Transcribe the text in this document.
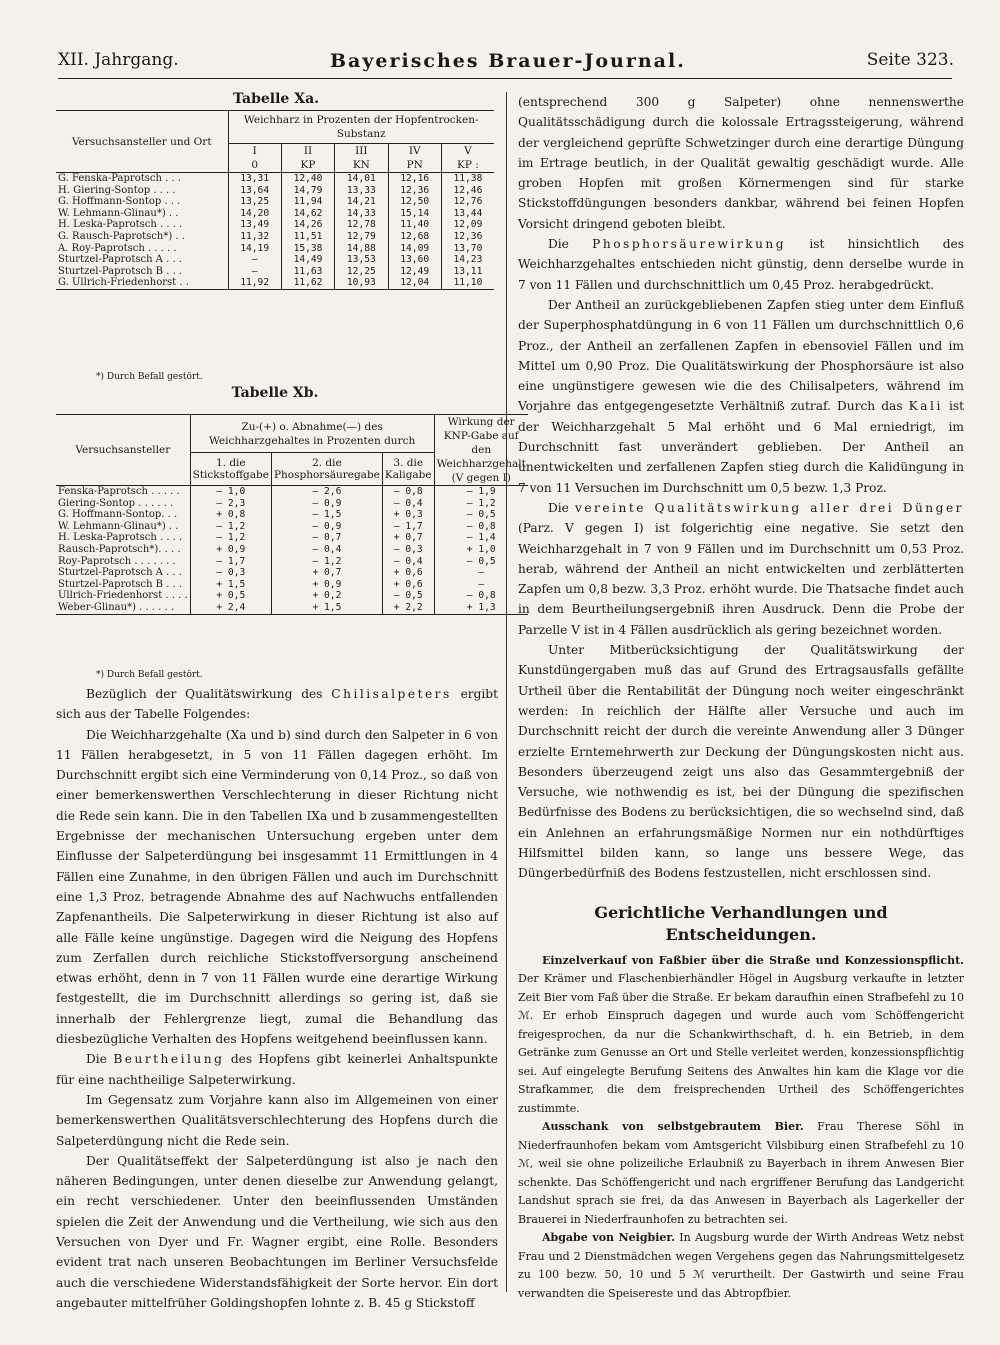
XII. Jahrgang.	Bayerisches Brauer-Journal.	Seite 323.
Tabelle Xa.
Versuchsansteller und Ort	Weichharz in Prozenten der Hopfentrocken-Substanz				
	I	II	III	IV	V
	0	KP	KN	PN	KP :
G. Fenska-Paprotsch . . .	13,31	12,40	14,01	12,16	11,38
H. Giering-Sontop . . . .	13,64	14,79	13,33	12,36	12,46
G. Hoffmann-Sontop . . .	13,25	11,94	14,21	12,50	12,76
W. Lehmann-Glinau*) . .	14,20	14,62	14,33	15,14	13,44
H. Leska-Paprotsch . . . .	13,49	14,26	12,78	11,40	12,09
G. Rausch-Paprotsch*) . .	11,32	11,51	12,79	12,68	12,36
A. Roy-Paprotsch . . . . .	14,19	15,38	14,88	14,09	13,70
Sturtzel-Paprotsch A . . .	—	14,49	13,53	13,60	14,23
Sturtzel-Paprotsch B . . .	—	11,63	12,25	12,49	13,11
G. Ullrich-Friedenhorst . .	11,92	11,62	10,93	12,04	11,10
*) Durch Befall gestört.
Tabelle Xb.
Versuchsansteller	Zu-(+) o. Abnahme(—) des Weichharzgehaltes in Prozenten durch			Wirkung der KNP-Gabe auf den Weichharzgehalt (V gegen I)
	1. die Stickstoffgabe	2. die Phosphorsäuregabe	3. die Kaligabe	
Fenska-Paprotsch . . . . .	— 1,0	— 2,6	— 0,8	— 1,9
Giering-Sontop . . . . . .	— 2,3	— 0,9	— 0,4	— 1,2
G. Hoffmann-Sontop. . .	+ 0,8	— 1,5	+ 0,3	— 0,5
W. Lehmann-Glinau*) . .	— 1,2	— 0,9	— 1,7	— 0,8
H. Leska-Paprotsch . . . .	— 1,2	— 0,7	+ 0,7	— 1,4
Rausch-Paprotsch*). . . .	+ 0,9	— 0,4	— 0,3	+ 1,0
Roy-Paprotsch . . . . . . .	— 1,7	— 1,2	— 0,4	— 0,5
Sturtzel-Paprotsch A . . .	— 0,3	+ 0,7	+ 0,6	—
Sturtzel-Paprotsch B . . .	+ 1,5	+ 0,9	+ 0,6	—
Ullrich-Friedenhorst . . . .	+ 0,5	+ 0,2	— 0,5	— 0,8
Weber-Glinau*) . . . . . .	+ 2,4	+ 1,5	+ 2,2	+ 1,3
*) Durch Befall gestört.

Bezüglich der Qualitätswirkung des Chilisalpeters ergibt sich aus der Tabelle Folgendes:

Die Weichharzgehalte (Xa und b) sind durch den Salpeter in 6 von 11 Fällen herabgesetzt, in 5 von 11 Fällen dagegen erhöht. Im Durchschnitt ergibt sich eine Verminderung von 0,14 Proz., so daß von einer bemerkenswerthen Verschlechterung in dieser Richtung nicht die Rede sein kann. Die in den Tabellen IXa und b zusammengestellten Ergebnisse der mechanischen Untersuchung ergeben unter dem Einflusse der Salpeterdüngung bei insgesammt 11 Ermittlungen in 4 Fällen eine Zunahme, in den übrigen Fällen und auch im Durchschnitt eine 1,3 Proz. betragende Abnahme des auf Nachwuchs entfallenden Zapfenantheils. Die Salpeterwirkung in dieser Richtung ist also auf alle Fälle keine ungünstige. Dagegen wird die Neigung des Hopfens zum Zerfallen durch reichliche Stickstoffversorgung anscheinend etwas erhöht, denn in 7 von 11 Fällen wurde eine derartige Wirkung festgestellt, die im Durchschnitt allerdings so gering ist, daß sie innerhalb der Fehlergrenze liegt, zumal die Behandlung das diesbezügliche Verhalten des Hopfens weitgehend beeinflussen kann.

Die Beurtheilung des Hopfens gibt keinerlei Anhaltspunkte für eine nachtheilige Salpeterwirkung.

Im Gegensatz zum Vorjahre kann also im Allgemeinen von einer bemerkenswerthen Qualitätsverschlechterung des Hopfens durch die Salpeterdüngung nicht die Rede sein.

Der Qualitätseffekt der Salpeterdüngung ist also je nach den näheren Bedingungen, unter denen dieselbe zur Anwendung gelangt, ein recht verschiedener. Unter den beeinflussenden Umständen spielen die Zeit der Anwendung und die Vertheilung, wie sich aus den Versuchen von Dyer und Fr. Wagner ergibt, eine Rolle. Besonders evident trat nach unseren Beobachtungen im Berliner Versuchsfelde auch die verschiedene Widerstandsfähigkeit der Sorte hervor. Ein dort angebauter mittelfrüher Goldingshopfen lohnte z. B. 45 g Stickstoff

(entsprechend 300 g Salpeter) ohne nennenswerthe Qualitätsschädigung durch die kolossale Ertragssteigerung, während der vergleichend geprüfte Schwetzinger durch eine derartige Düngung im Ertrage beutlich, in der Qualität gewaltig geschädigt wurde. Alle groben Hopfen mit großen Körnermengen sind für starke Stickstoffdüngungen besonders dankbar, während bei feinen Hopfen Vorsicht dringend geboten bleibt.

Die Phosphorsäurewirkung ist hinsichtlich des Weichharzgehaltes entschieden nicht günstig, denn derselbe wurde in 7 von 11 Fällen und durchschnittlich um 0,45 Proz. herabgedrückt.

Der Antheil an zurückgebliebenen Zapfen stieg unter dem Einfluß der Superphosphatdüngung in 6 von 11 Fällen um durchschnittlich 0,6 Proz., der Antheil an zerfallenen Zapfen in ebensoviel Fällen und im Mittel um 0,90 Proz. Die Qualitätswirkung der Phosphorsäure ist also eine ungünstigere gewesen wie die des Chilisalpeters, während im Vorjahre das entgegengesetzte Verhältniß zutraf. Durch das Kali ist der Weichharzgehalt 5 Mal erhöht und 6 Mal erniedrigt, im Durchschnitt fast unverändert geblieben. Der Antheil an unentwickelten und zerfallenen Zapfen stieg durch die Kalidüngung in 7 von 11 Versuchen im Durchschnitt um 0,5 bezw. 1,3 Proz.

Die vereinte Qualitätswirkung aller drei Dünger (Parz. V gegen I) ist folgerichtig eine negative. Sie setzt den Weichharzgehalt in 7 von 9 Fällen und im Durchschnitt um 0,53 Proz. herab, während der Antheil an nicht entwickelten und zerblätterten Zapfen um 0,8 bezw. 3,3 Proz. erhöht wurde. Die Thatsache findet auch in dem Beurtheilungsergebniß ihren Ausdruck. Denn die Probe der Parzelle V ist in 4 Fällen ausdrücklich als gering bezeichnet worden.

Unter Mitberücksichtigung der Qualitätswirkung der Kunstdüngergaben muß das auf Grund des Ertragsausfalls gefällte Urtheil über die Rentabilität der Düngung noch weiter eingeschränkt werden: In reichlich der Hälfte aller Versuche und auch im Durchschnitt reicht der durch die vereinte Anwendung aller 3 Dünger erzielte Erntemehrwerth zur Deckung der Düngungskosten nicht aus. Besonders überzeugend zeigt uns also das Gesammtergebniß der Versuche, wie nothwendig es ist, bei der Düngung die spezifischen Bedürfnisse des Bodens zu berücksichtigen, die so wechselnd sind, daß ein Anlehnen an erfahrungsmäßige Normen nur ein nothdürftiges Hilfsmittel bilden kann, so lange uns bessere Wege, das Düngerbedürfniß des Bodens festzustellen, nicht erschlossen sind.

Gerichtliche Verhandlungen und
Entscheidungen.

Einzelverkauf von Faßbier über die Straße und Konzessionspflicht. Der Krämer und Flaschenbierhändler Högel in Augsburg verkaufte in letzter Zeit Bier vom Faß über die Straße. Er bekam daraufhin einen Strafbefehl zu 10 ℳ. Er erhob Einspruch dagegen und wurde auch vom Schöffengericht freigesprochen, da nur die Schankwirthschaft, d. h. ein Betrieb, in dem Getränke zum Genusse an Ort und Stelle verleitet werden, konzessionspflichtig sei. Auf eingelegte Berufung Seitens des Anwaltes hin kam die Klage vor die Strafkammer, die dem freisprechenden Urtheil des Schöffengerichtes zustimmte.

Ausschank von selbstgebrautem Bier. Frau Therese Söhl in Niederfraunhofen bekam vom Amtsgericht Vilsbiburg einen Strafbefehl zu 10 ℳ, weil sie ohne polizeiliche Erlaubniß zu Bayerbach in ihrem Anwesen Bier schenkte. Das Schöffengericht und nach ergriffener Berufung das Landgericht Landshut sprach sie frei, da das Anwesen in Bayerbach als Lagerkeller der Brauerei in Niederfraunhofen zu betrachten sei.

Abgabe von Neigbier. In Augsburg wurde der Wirth Andreas Wetz nebst Frau und 2 Dienstmädchen wegen Vergehens gegen das Nahrungsmittelgesetz zu 100 bezw. 50, 10 und 5 ℳ verurtheilt. Der Gastwirth und seine Frau verwandten die Speisereste und das Abtropfbier.
